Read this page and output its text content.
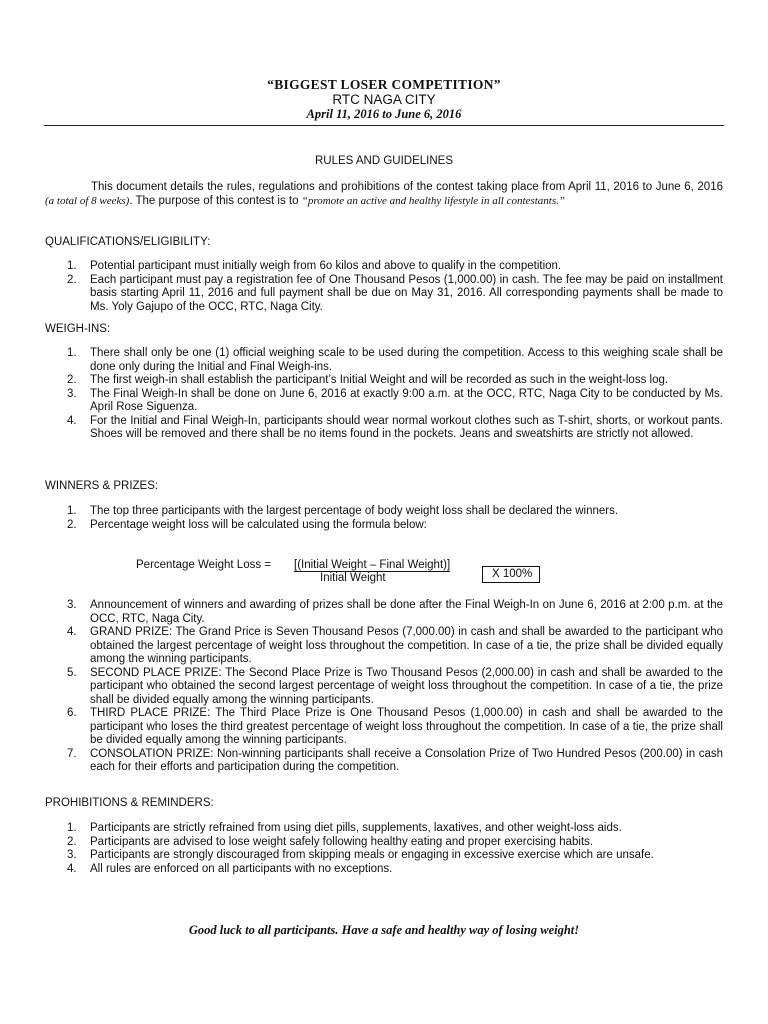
“BIGGEST LOSER COMPETITION”
RTC NAGA CITY
April 11, 2016 to June 6, 2016
RULES AND GUIDELINES
This document details the rules, regulations and prohibitions of the contest taking place from April 11, 2016 to June 6, 2016 (a total of 8 weeks). The purpose of this contest is to “promote an active and healthy lifestyle in all contestants.”
QUALIFICATIONS/ELIGIBILITY:
1. Potential participant must initially weigh from 6o kilos and above to qualify in the competition.
2. Each participant must pay a registration fee of One Thousand Pesos (1,000.00) in cash. The fee may be paid on installment basis starting April 11, 2016 and full payment shall be due on May 31, 2016. All corresponding payments shall be made to Ms. Yoly Gajupo of the OCC, RTC, Naga City.
WEIGH-INS:
1. There shall only be one (1) official weighing scale to be used during the competition. Access to this weighing scale shall be done only during the Initial and Final Weigh-ins.
2. The first weigh-in shall establish the participant’s Initial Weight and will be recorded as such in the weight-loss log.
3. The Final Weigh-In shall be done on June 6, 2016 at exactly 9:00 a.m. at the OCC, RTC, Naga City to be conducted by Ms. April Rose Siguenza.
4. For the Initial and Final Weigh-In, participants should wear normal workout clothes such as T-shirt, shorts, or workout pants. Shoes will be removed and there shall be no items found in the pockets. Jeans and sweatshirts are strictly not allowed.
WINNERS & PRIZES:
1. The top three participants with the largest percentage of body weight loss shall be declared the winners.
2. Percentage weight loss will be calculated using the formula below:
Percentage Weight Loss = [(Initial Weight – Final Weight)]
Initial Weight	X 100%
3. Announcement of winners and awarding of prizes shall be done after the Final Weigh-In on June 6, 2016 at 2:00 p.m. at the OCC, RTC, Naga City.
4. GRAND PRIZE: The Grand Price is Seven Thousand Pesos (7,000.00) in cash and shall be awarded to the participant who obtained the largest percentage of weight loss throughout the competition. In case of a tie, the prize shall be divided equally among the winning participants.
5. SECOND PLACE PRIZE: The Second Place Prize is Two Thousand Pesos (2,000.00) in cash and shall be awarded to the participant who obtained the second largest percentage of weight loss throughout the competition. In case of a tie, the prize shall be divided equally among the winning participants.
6. THIRD PLACE PRIZE: The Third Place Prize is One Thousand Pesos (1,000.00) in cash and shall be awarded to the participant who loses the third greatest percentage of weight loss throughout the competition. In case of a tie, the prize shall be divided equally among the winning participants.
7. CONSOLATION PRIZE: Non-winning participants shall receive a Consolation Prize of Two Hundred Pesos (200.00) in cash each for their efforts and participation during the competition.
PROHIBITIONS & REMINDERS:
1. Participants are strictly refrained from using diet pills, supplements, laxatives, and other weight-loss aids.
2. Participants are advised to lose weight safely following healthy eating and proper exercising habits.
3. Participants are strongly discouraged from skipping meals or engaging in excessive exercise which are unsafe.
4. All rules are enforced on all participants with no exceptions.
Good luck to all participants. Have a safe and healthy way of losing weight!
